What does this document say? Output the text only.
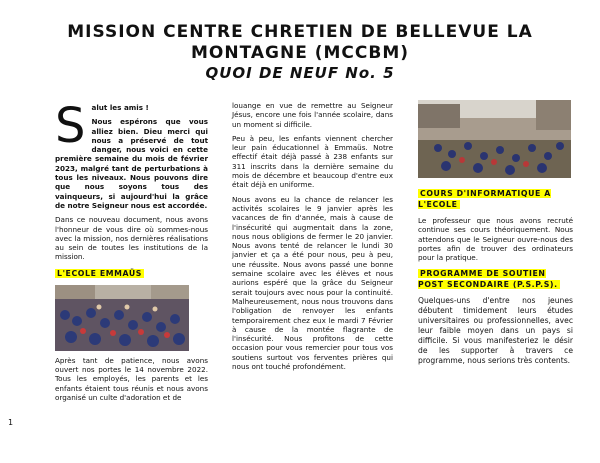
MISSION CENTRE CHRETIEN DE BELLEVUE LA
MONTAGNE (MCCBM)
QUOI DE NEUF No. 5
S alut les amis !

Nous espérons que vous alliez bien. Dieu merci qui nous a préservé de tout danger, nous voici en cette première semaine du mois de février 2023, malgré tant de perturbations à tous les niveaux. Nous pouvons dire que nous soyons tous des vainqueurs, si aujourd'hui la grâce de notre Seigneur nous est accordée.

Dans ce nouveau document, nous avons l'honneur de vous dire où sommes-nous avec la mission, nos dernières réalisations au sein de toutes les institutions de la mission.

L'ECOLE EMMAÜS

Après tant de patience, nous avons ouvert nos portes le 14 novembre 2022. Tous les employés, les parents et les enfants étaient tous réunis et nous avons organisé un culte d'adoration et de

louange en vue de remettre au Seigneur Jésus, encore une fois l'année scolaire, dans un moment si difficile.

Peu à peu, les enfants viennent chercher leur pain éducationnel à Emmaüs. Notre effectif était déjà passé à 238 enfants sur 311 inscrits dans la dernière semaine du mois de décembre et beaucoup d'entre eux était déjà en uniforme.

Nous avons eu la chance de relancer les activités scolaires le 9 janvier après les vacances de fin d'année, mais à cause de l'insécurité qui augmentait dans la zone, nous nous obligions de fermer le 20 janvier. Nous avons tenté de relancer le lundi 30 janvier et ça a été pour nous, peu à peu, une réussite. Nous avons passé une bonne semaine scolaire avec les élèves et nous aurions espéré que la grâce du Seigneur serait toujours avec nous pour la continuité. Malheureusement, nous nous trouvons dans l'obligation de renvoyer les enfants temporairement chez eux le mardi 7 Février à cause de la montée flagrante de l'insécurité. Nous profitons de cette occasion pour vous remercier pour tous vos soutiens surtout vos ferventes prières qui nous ont touché profondément.

COURS D'INFORMATIQUE A L'ECOLE

Le professeur que nous avons recruté continue ses cours théoriquement. Nous attendons que le Seigneur ouvre-nous des portes afin de trouver des ordinateurs pour la pratique.

PROGRAMME DE SOUTIEN POST SECONDAIRE (P.S.P.S).

Quelques-uns d'entre nos jeunes débutent timidement leurs études universitaires ou professionnelles, avec leur faible moyen dans un pays si difficile. Si vous manifesteriez le désir de les supporter à travers ce programme, nous serions très contents.

1
